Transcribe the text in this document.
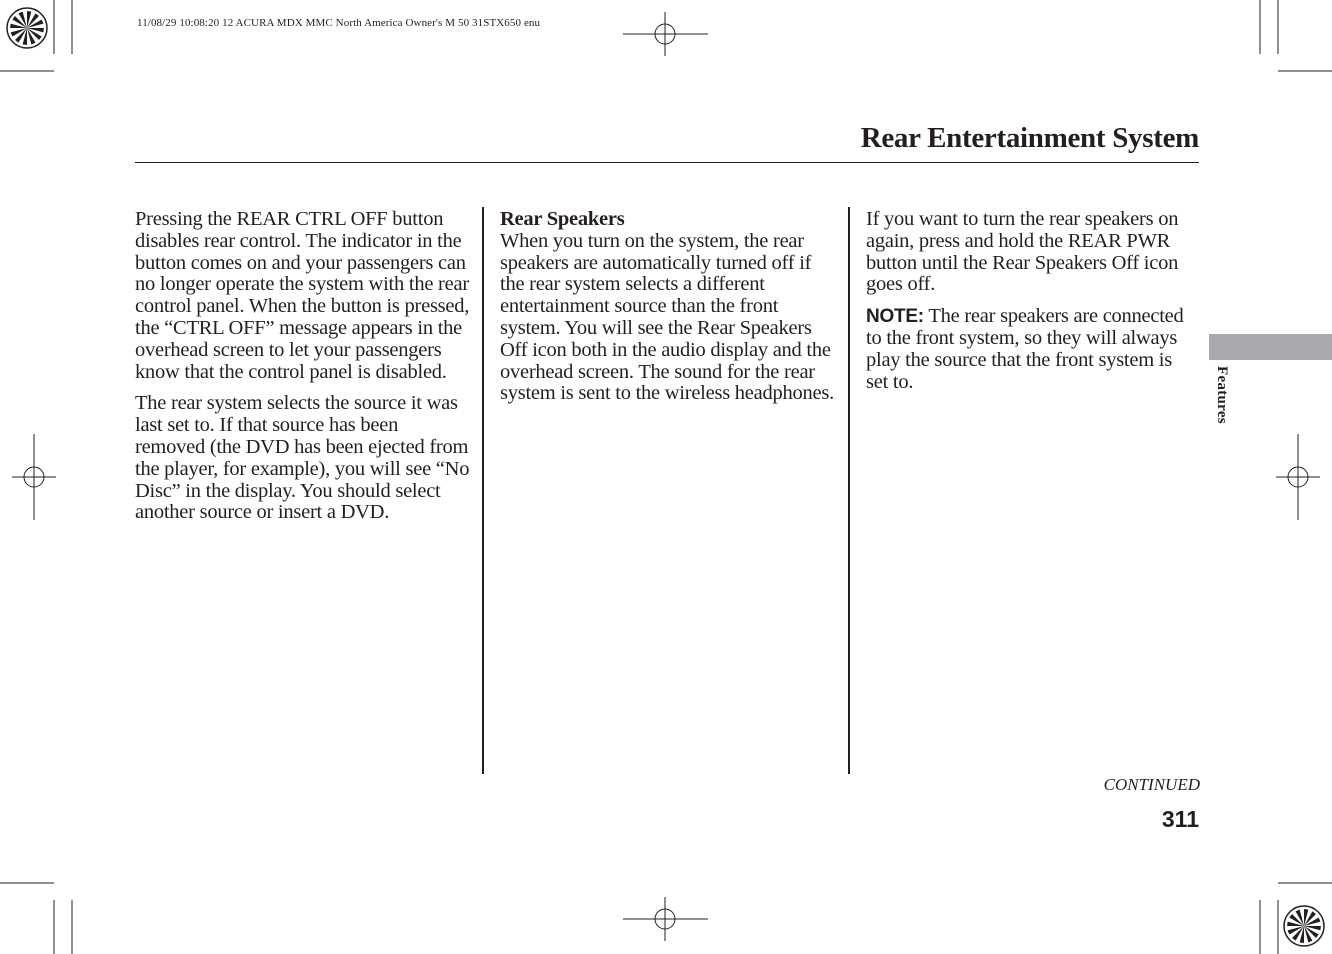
11/08/29 10:08:20 12 ACURA MDX MMC North America Owner's M 50 31STX650 enu
Rear Entertainment System

Pressing the REAR CTRL OFF button disables rear control. The indicator in the button comes on and your passengers can no longer operate the system with the rear control panel. When the button is pressed, the “CTRL OFF” message appears in the overhead screen to let your passengers know that the control panel is disabled.

The rear system selects the source it was last set to. If that source has been removed (the DVD has been ejected from the player, for example), you will see “No Disc” in the display. You should select another source or insert a DVD.

Rear Speakers
When you turn on the system, the rear speakers are automatically turned off if the rear system selects a different entertainment source than the front system. You will see the Rear Speakers Off icon both in the audio display and the overhead screen. The sound for the rear system is sent to the wireless headphones.

If you want to turn the rear speakers on again, press and hold the REAR PWR button until the Rear Speakers Off icon goes off.

NOTE: The rear speakers are connected to the front system, so they will always play the source that the front system is set to.	Features
CONTINUED
311
